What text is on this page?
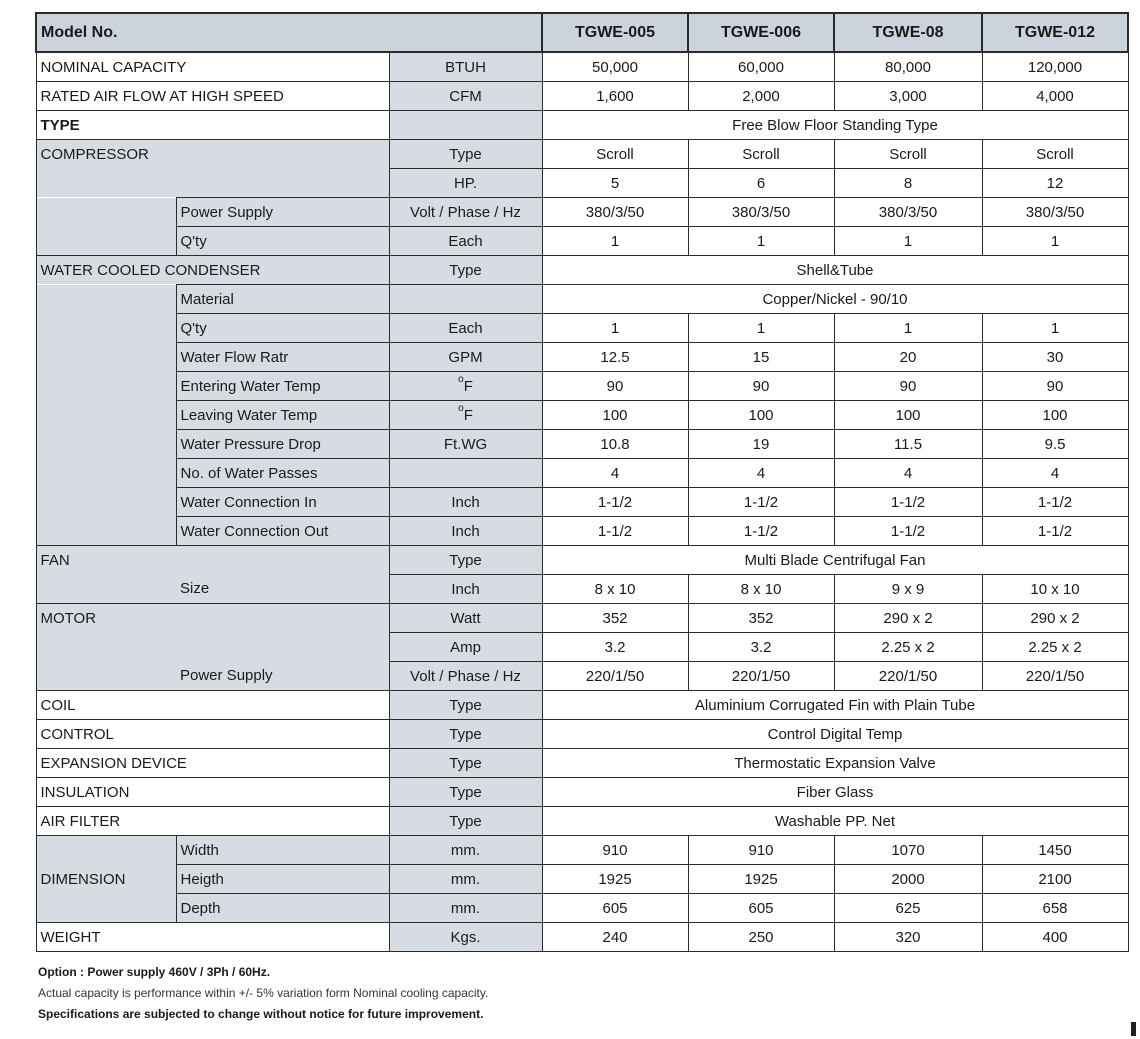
Model No.			TGWE-005	TGWE-006	TGWE-08	TGWE-012
NOMINAL CAPACITY		BTUH	50,000	60,000	80,000	120,000
RATED AIR FLOW AT HIGH SPEED		CFM	1,600	2,000	3,000	4,000
TYPE			Free Blow Floor Standing Type			
COMPRESSOR		Type	Scroll	Scroll	Scroll	Scroll
		HP.	5	6	8	12
	Power Supply	Volt / Phase / Hz	380/3/50	380/3/50	380/3/50	380/3/50
	Q'ty	Each	1	1	1	1
WATER COOLED CONDENSER		Type	Shell&Tube			
	Material		Copper/Nickel - 90/10			
	Q'ty	Each	1	1	1	1
	Water Flow Ratr	GPM	12.5	15	20	30
	Entering Water Temp	$^o$F	90	90	90	90
	Leaving Water Temp	$^o$F	100	100	100	100
	Water Pressure Drop	Ft.WG	10.8	19	11.5	9.5
	No. of Water Passes		4	4	4	4
	Water Connection In	Inch	1-1/2	1-1/2	1-1/2	1-1/2
	Water Connection Out	Inch	1-1/2	1-1/2	1-1/2	1-1/2
FAN		Type	Multi Blade Centrifugal Fan			
	Size	Inch	8 x 10	8 x 10	9 x 9	10 x 10
MOTOR		Watt	352	352	290 x 2	290 x 2
		Amp	3.2	3.2	2.25 x 2	2.25 x 2
	Power Supply	Volt / Phase / Hz	220/1/50	220/1/50	220/1/50	220/1/50
COIL		Type	Aluminium Corrugated Fin with Plain Tube			
CONTROL		Type	Control Digital Temp			
EXPANSION DEVICE		Type	Thermostatic Expansion Valve			
INSULATION		Type	Fiber Glass			
AIR FILTER		Type	Washable PP. Net			
DIMENSION	Width	mm.	910	910	1070	1450
	Heigth	mm.	1925	1925	2000	2100
	Depth	mm.	605	605	625	658
WEIGHT		Kgs.	240	250	320	400
Option : Power supply 460V / 3Ph / 60Hz.
Actual capacity is performance within +/- 5% variation form Nominal cooling capacity.
Specifications are subjected to change without notice for future improvement.
